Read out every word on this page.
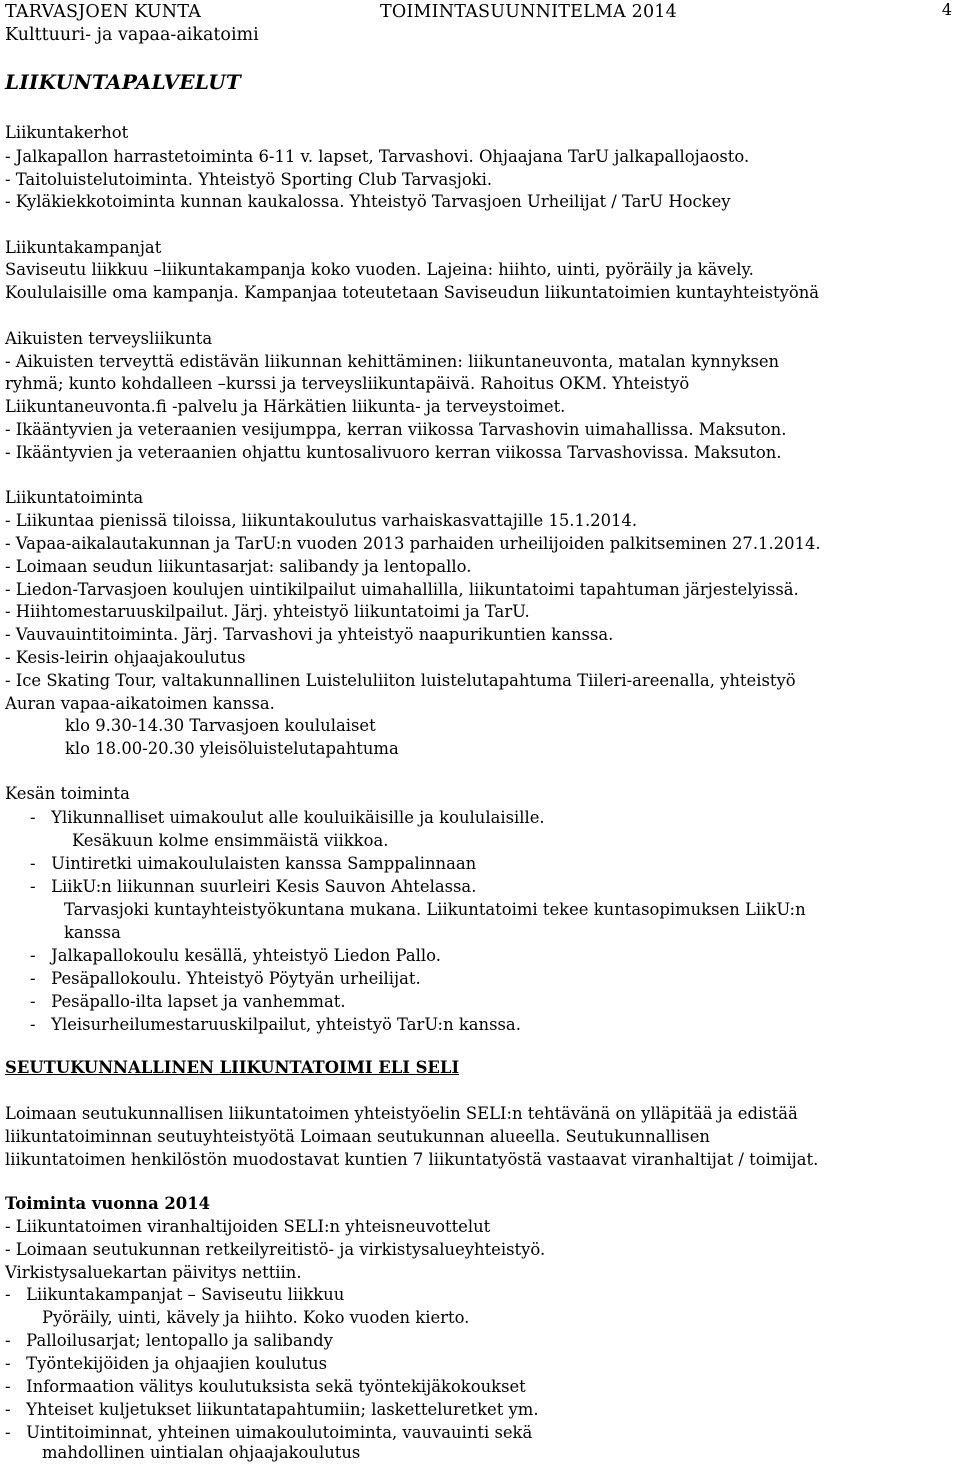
TARVASJOEN KUNTA
Kulttuuri- ja vapaa-aikatoimi
TOIMINTASUUNNITELMA 2014	4
LIIKUNTAPALVELUT
Liikuntakerhot
- Jalkapallon harrastetoiminta 6-11 v. lapset, Tarvashovi. Ohjaajana TarU jalkapallojaosto.
- Taitoluistelutoiminta. Yhteistyö Sporting Club Tarvasjoki.
- Kyläkiekkotoiminta kunnan kaukalossa. Yhteistyö Tarvasjoen Urheilijat / TarU Hockey
Liikuntakampanjat
Saviseutu liikkuu –liikuntakampanja koko vuoden. Lajeina: hiihto, uinti, pyöräily ja kävely.
Koululaisille oma kampanja. Kampanjaa toteutetaan Saviseudun liikuntatoimien kuntayhteistyönä
Aikuisten terveysliikunta
- Aikuisten terveyttä edistävän liikunnan kehittäminen: liikuntaneuvonta, matalan kynnyksen
ryhmä; kunto kohdalleen –kurssi ja terveysliikuntapäivä. Rahoitus OKM. Yhteistyö
Liikuntaneuvonta.fi -palvelu ja Härkätien liikunta- ja terveystoimet.
- Ikääntyvien ja veteraanien vesijumppa, kerran viikossa Tarvashovin uimahallissa. Maksuton.
- Ikääntyvien ja veteraanien ohjattu kuntosalivuoro kerran viikossa Tarvashovissa. Maksuton.
Liikuntatoiminta
- Liikuntaa pienissä tiloissa, liikuntakoulutus varhaiskasvattajille 15.1.2014.
- Vapaa-aikalautakunnan ja TarU:n vuoden 2013 parhaiden urheilijoiden palkitseminen 27.1.2014.
- Loimaan seudun liikuntasarjat: salibandy ja lentopallo.
- Liedon-Tarvasjoen koulujen uintikilpailut uimahallilla, liikuntatoimi tapahtuman järjestelyissä.
- Hiihtomestaruuskilpailut. Järj. yhteistyö liikuntatoimi ja TarU.
- Vauvauintitoiminta. Järj. Tarvashovi ja yhteistyö naapurikuntien kanssa.
- Kesis-leirin ohjaajakoulutus
- Ice Skating Tour, valtakunnallinen Luisteluliiton luistelutapahtuma Tiileri-areenalla, yhteistyö
Auran vapaa-aikatoimen kanssa.
klo 9.30-14.30 Tarvasjoen koululaiset
klo 18.00-20.30 yleisöluistelutapahtuma
Kesän toiminta
-   Ylikunnalliset uimakoulut alle kouluikäisille ja koululaisille.
Kesäkuun kolme ensimmäistä viikkoa.
-   Uintiretki uimakoululaisten kanssa Samppalinnaan
-   LiikU:n liikunnan suurleiri Kesis Sauvon Ahtelassa.
Tarvasjoki kuntayhteistyökuntana mukana. Liikuntatoimi tekee kuntasopimuksen LiikU:n
kanssa
-   Jalkapallokoulu kesällä, yhteistyö Liedon Pallo.
-   Pesäpallokoulu. Yhteistyö Pöytyän urheilijat.
-   Pesäpallo-ilta lapset ja vanhemmat.
-   Yleisurheilumestaruuskilpailut, yhteistyö TarU:n kanssa.
SEUTUKUNNALLINEN LIIKUNTATOIMI ELI SELI
Loimaan seutukunnallisen liikuntatoimen yhteistyöelin SELI:n tehtävänä on ylläpitää ja edistää
liikuntatoiminnan seutuyhteistyötä Loimaan seutukunnan alueella. Seutukunnallisen
liikuntatoimen henkilöstön muodostavat kuntien 7 liikuntatyöstä vastaavat viranhaltijat / toimijat.
Toiminta vuonna 2014
- Liikuntatoimen viranhaltijoiden SELI:n yhteisneuvottelut
- Loimaan seutukunnan retkeilyreitistö- ja virkistysalueyhteistyö.
Virkistysaluekartan päivitys nettiin.
-   Liikuntakampanjat – Saviseutu liikkuu
Pyöräily, uinti, kävely ja hiihto. Koko vuoden kierto.
-   Palloilusarjat; lentopallo ja salibandy
-   Työntekijöiden ja ohjaajien koulutus
-   Informaation välitys koulutuksista sekä työntekijäkokoukset
-   Yhteiset kuljetukset liikuntatapahtumiin; lasketteluretket ym.
-   Uintitoiminnat, yhteinen uimakoulutoiminta, vauvauinti sekä
mahdollinen uintialan ohjaajakoulutus
